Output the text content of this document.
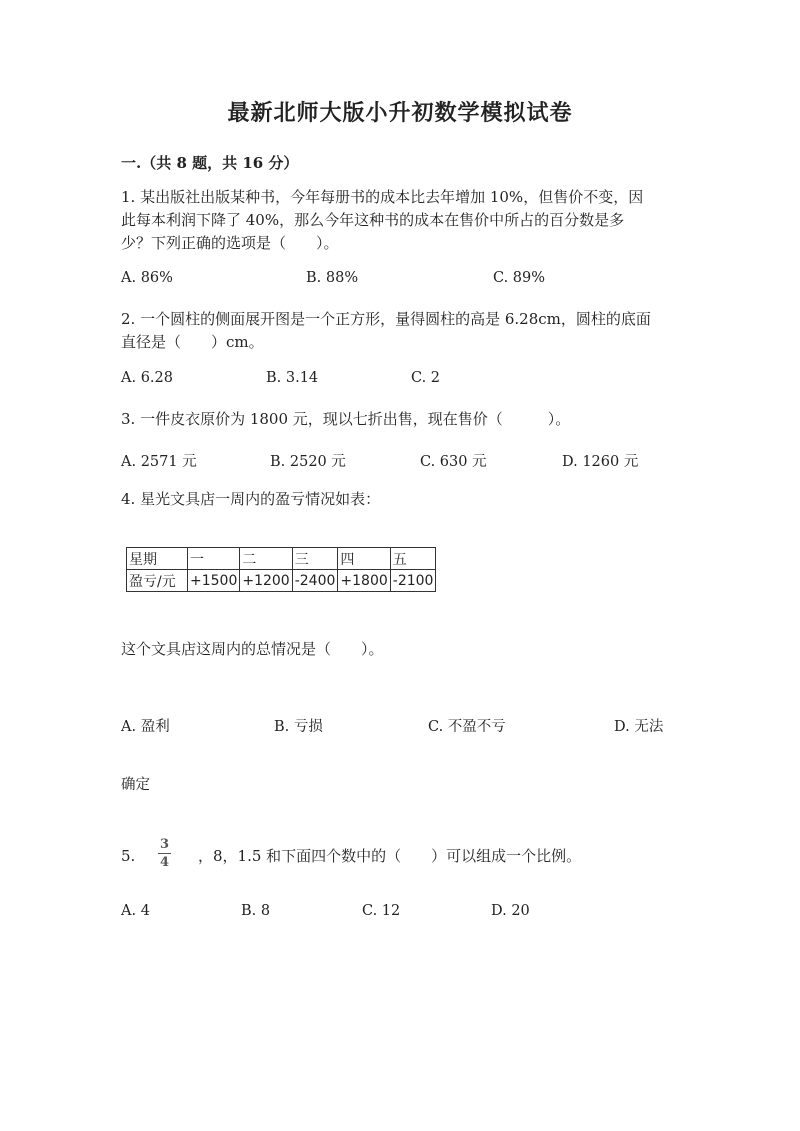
最新北师大版小升初数学模拟试卷
一.（共 8 题，共 16 分）
1. 某出版社出版某种书，今年每册书的成本比去年增加 10%，但售价不变，因
此每本利润下降了 40%，那么今年这种书的成本在售价中所占的百分数是多
少？下列正确的选项是（　　）。
A. 86%	B. 88%	C. 89%
2. 一个圆柱的侧面展开图是一个正方形，量得圆柱的高是 6.28cm，圆柱的底面
直径是（　　）cm。
A. 6.28	B. 3.14	C. 2
3. 一件皮衣原价为 1800 元，现以七折出售，现在售价（　　　）。
A. 2571 元	B. 2520 元	C. 630 元	D. 1260 元
4. 星光文具店一周内的盈亏情况如表：
星期	一	二	三	四	五
盈亏/元	+1500	+1200	-2400	+1800	-2100
这个文具店这周内的总情况是（　　）。
A. 盈利	B. 亏损	C. 不盈不亏	D. 无法
确定
5. $\frac{3}{4}$ ，8，1.5 和下面四个数中的（　　）可以组成一个比例。
A. 4	B. 8	C. 12	D. 20
